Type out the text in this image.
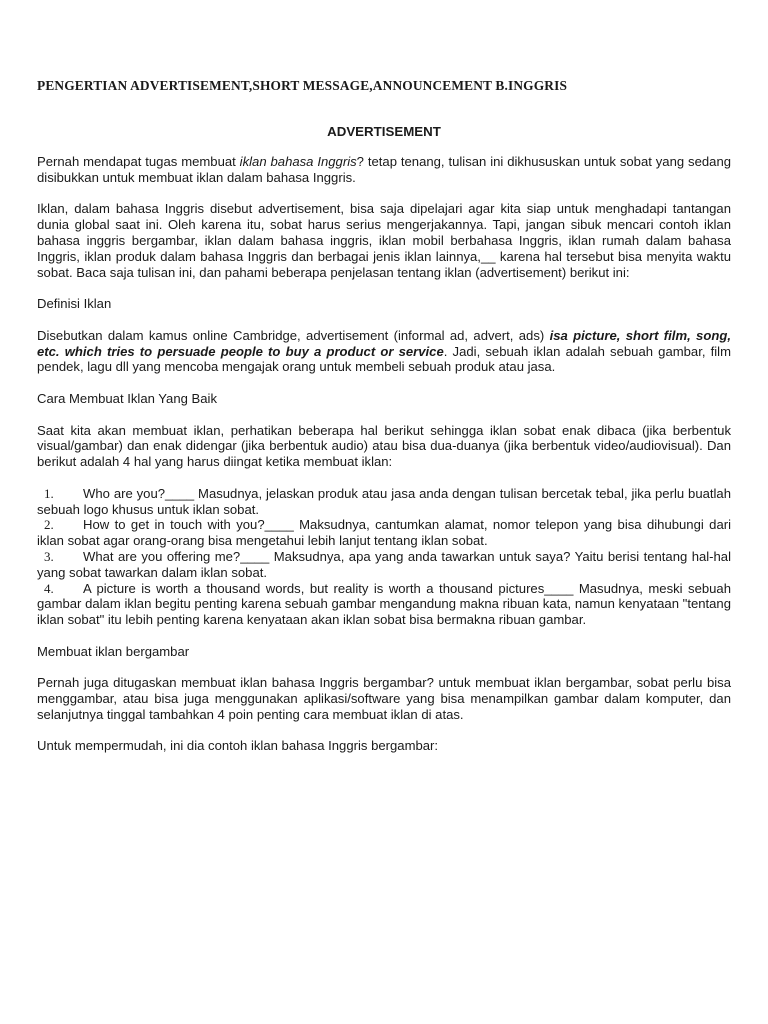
PENGERTIAN ADVERTISEMENT,SHORT MESSAGE,ANNOUNCEMENT B.INGGRIS
ADVERTISEMENT

Pernah mendapat tugas membuat iklan bahasa Inggris? tetap tenang, tulisan ini dikhususkan untuk sobat yang sedang disibukkan untuk membuat iklan dalam bahasa Inggris.

Iklan, dalam bahasa Inggris disebut advertisement, bisa saja dipelajari agar kita siap untuk menghadapi tantangan dunia global saat ini. Oleh karena itu, sobat harus serius mengerjakannya. Tapi, jangan sibuk mencari contoh iklan bahasa inggris bergambar, iklan dalam bahasa inggris, iklan mobil berbahasa Inggris, iklan rumah dalam bahasa Inggris, iklan produk dalam bahasa Inggris dan berbagai jenis iklan lainnya,__ karena hal tersebut bisa menyita waktu sobat. Baca saja tulisan ini, dan pahami beberapa penjelasan tentang iklan (advertisement) berikut ini:

Definisi Iklan

Disebutkan dalam kamus online Cambridge, advertisement (informal ad, advert, ads) isa picture, short film, song, etc. which tries to persuade people to buy a product or service. Jadi, sebuah iklan adalah sebuah gambar, film pendek, lagu dll yang mencoba mengajak orang untuk membeli sebuah produk atau jasa.

Cara Membuat Iklan Yang Baik

Saat kita akan membuat iklan, perhatikan beberapa hal berikut sehingga iklan sobat enak dibaca (jika berbentuk visual/gambar) dan enak didengar (jika berbentuk audio) atau bisa dua-duanya (jika berbentuk video/audiovisual). Dan berikut adalah 4 hal yang harus diingat ketika membuat iklan:

1. Who are you?____ Masudnya, jelaskan produk atau jasa anda dengan tulisan bercetak tebal, jika perlu buatlah sebuah logo khusus untuk iklan sobat.
2. How to get in touch with you?____ Maksudnya, cantumkan alamat, nomor telepon yang bisa dihubungi dari iklan sobat agar orang-orang bisa mengetahui lebih lanjut tentang iklan sobat.
3. What are you offering me?____ Maksudnya, apa yang anda tawarkan untuk saya? Yaitu berisi tentang hal-hal yang sobat tawarkan dalam iklan sobat.
4. A picture is worth a thousand words, but reality is worth a thousand pictures____ Masudnya, meski sebuah gambar dalam iklan begitu penting karena sebuah gambar mengandung makna ribuan kata, namun kenyataan "tentang iklan sobat" itu lebih penting karena kenyataan akan iklan sobat bisa bermakna ribuan gambar.

Membuat iklan bergambar

Pernah juga ditugaskan membuat iklan bahasa Inggris bergambar? untuk membuat iklan bergambar, sobat perlu bisa menggambar, atau bisa juga menggunakan aplikasi/software yang bisa menampilkan gambar dalam komputer, dan selanjutnya tinggal tambahkan 4 poin penting cara membuat iklan di atas.

Untuk mempermudah, ini dia contoh iklan bahasa Inggris bergambar:
